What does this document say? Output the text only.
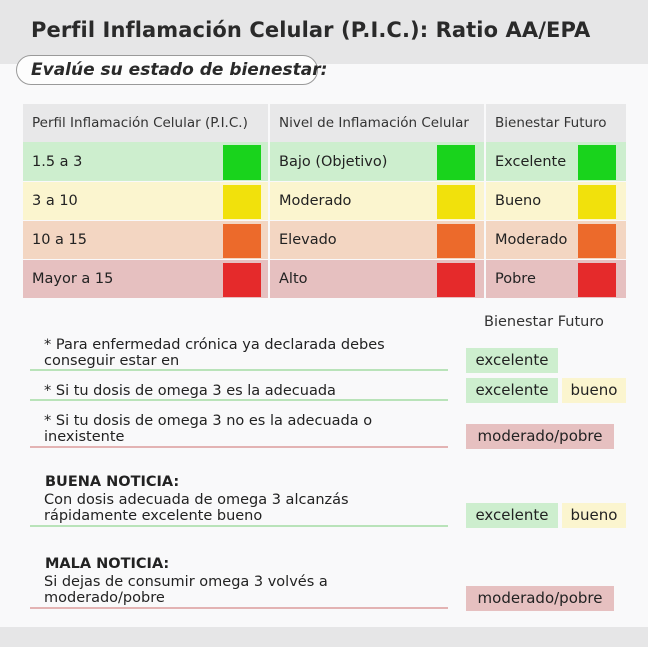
Perfil Inflamación Celular (P.I.C.): Ratio AA/EPA
Evalúe su estado de bienestar:
Perfil Inflamación Celular (P.I.C.)	Nivel de Inflamación Celular	Bienestar Futuro
1.5 a 3	Bajo (Objetivo)	Excelente
3 a 10	Moderado	Bueno
10 a 15	Elevado	Moderado
Mayor a 15	Alto	Pobre
Bienestar Futuro
* Para enfermedad crónica ya declarada debes
conseguir estar en	excelente
* Si tu dosis de omega 3 es la adecuada	excelente	bueno
* Si tu dosis de omega 3 no es la adecuada o
inexistente	moderado/pobre
BUENA NOTICIA:
Con dosis adecuada de omega 3 alcanzás
rápidamente excelente bueno	excelente	bueno
MALA NOTICIA:
Si dejas de consumir omega 3 volvés a
moderado/pobre	moderado/pobre
